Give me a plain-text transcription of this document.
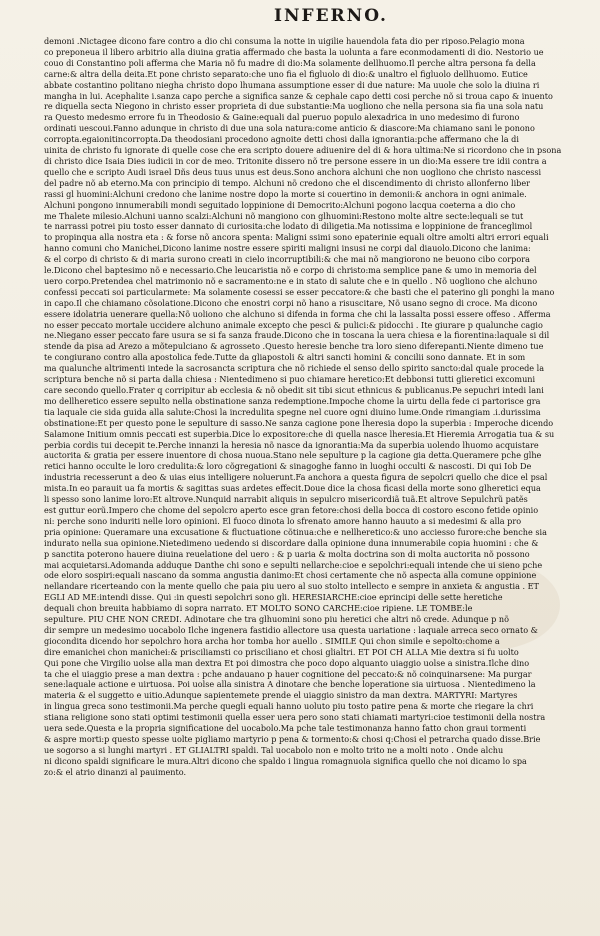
INFERNO.
demoni .Nictagee dicono fare contro a dio chi consuma la notte in uigilie hauendola fata dio per riposo.Pelagio mona
co preponeua il libero arbitrio alla diuina gratia affermado che basta la uolunta a fare econmodamenti di dio. Nestorio ue
couo di Constantino poli afferma che Maria nõ fu madre di dio:Ma solamente dellhuomo.Il perche altra persona fa della
carne:& altra della deita.Et pone christo separato:che uno fia el figluolo di dio:& unaltro el figluolo dellhuomo. Eutice
abbate costantino politano niegha christo dopo lhumana assumptione esser di due nature: Ma uuole che solo la diuina ri
mangha in lui. Acephalite i.sanza capo perche a significa sanze & cephale capo detti cosi perche nõ si troua capo & inuento
re diquella secta Niegono in christo esser proprieta di due substantie:Ma uogliono che nella persona sia fia una sola natu
ra Questo medesmo errore fu in Theodosio & Gaine:equali dal pueruo populo alexadrica in uno medesimo di furono
ordinati uescoui.Fanno adunque in christo di due una sola natura:come anticio & diascore:Ma chiamano sani le ponono
corropta.egaionitincorropta.Da theodosiani procedono agnoite detti chosi dalla ignorantia:pche affermano che la di
uinita de christo fu ignorate di quelle cose che era scripto douere adiuenire del di & hora ultima:Ne si ricordono che in psona
di christo dice Isaia Dies iudicii in cor de meo. Tritonite dissero nõ tre persone essere in un dio:Ma essere tre idii contra a
quello che e scripto Audi israel Dñs deus tuus unus est deus.Sono anchora alchuni che non uogliono che christo nascessi
del padre nõ ab eterno.Ma con principio di tempo. Alchuni nõ credono che el discendimento di christo allonferno liber
rassi gl huomini:Alchuni credono che lanime nostre dopo la morte si couertino in demonii:& anchora in ogni animale.
Alchuni pongono innumerabili mondi seguitado loppinione di Democrito:Alchuni pogono lacqua coeterna a dio cho
me Thalete milesio.Alchuni uanno scalzi:Alchuni nõ mangiono con glhuomini:Restono molte altre secte:lequali se tut
te narrassi potrei piu tosto esser dannato di curiosita:che lodato di diligetia.Ma notissima e loppinione de franceglimol
to propinqua alla nostra eta : & forse nõ ancora spenta: Maligni ssimi sono epaterinie equali oltre amolti altri errori equali
hanno comuni cho Manichei,Dicono lanime nostre essere spiriti maligni insusi ne corpi dal diauolo.Dicono che lanima:
& el corpo di christo & di maria surono creati in cielo incorruptibili:& che mai nõ mangiorono ne beuono cibo corpora
le.Dicono chel baptesimo nõ e necessario.Che leucaristia nõ e corpo di christo:ma semplice pane & umo in memoria del
uero corpo.Pretendea chel matrimonio nõ e sacramento:ne e in stato di salute che e in quello . Nõ uogliono che alchuno
confessi peccati soi particularmete: Ma solamente cosessi se esser peccatore:& che basti che el paterino gli ponghi la mano
in capo.Il che chiamano cõsolatione.Dicono che enostri corpi nõ hano a risuscitare, Nõ usano segno di croce. Ma dicono
essere idolatria uenerare quella:Nõ uoliono che alchuno si difenda in forma che chi la lassalta possi essere offeso . Afferma
no esser peccato mortale uccidere alchuno animale excepto che pesci & pulici:& pidocchi . Ite giurare p qualunche cagio
ne.Niegano esser peccato fare usura se si fa sanza fraude.Dicono che in toscana la uera chiesa e la fiorentina:laquale si dil
stende da pisa ad Arezo a mõtepulciano & agrosseto .Questo heresie benche tra loro sieno diferepanti.Niente dimeno tue
te congiurano contro alla apostolica fede.Tutte da gliapostoli & altri sancti homini & concilii sono dannate. Et in som
ma qualunche altrimenti intede la sacrosancta scriptura che nõ richiede el senso dello spirito sancto:dal quale procede la
scriptura benche nõ si parta dalla chiesa : Nientedimeno si puo chiamare heretico:Et debbonsi tutti glieretici excomuni
care secondo quello.Frater q corripitur ab ecclesia & nõ obedit sit tibi sicut ethnicus & publicanus.Pe sepuchri intedi lani
mo dellheretico essere sepulto nella obstinatione sanza redemptione.Impoche chome la uirtu della fede ci partorisce gra
tia laquale cie sida guida alla salute:Chosi la incredulita spegne nel cuore ogni diuino lume.Onde rimangiam .i.durissima
obstinatione:Et per questo pone le sepulture di sasso.Ne sanza cagione pone lheresia dopo la superbia : Imperoche dicendo
Salamone Initium omnis peccati est superbia.Dice lo expositore:che di quella nasce lheresia.Et Hieremia Arrogatia tua & su
perbia cordis tui decepit te.Perche innanzi la heresia nõ nasce da ignorantia:Ma da superbia uolendo lhuomo acquistare
auctorita & gratia per essere inuentore di chosa nuoua.Stano nele sepulture p la cagione gia detta.Queramere pche glhe
retici hanno occulte le loro credulita:& loro cõgregationi & sinagoghe fanno in luoghi occulti & nascosti. Di qui Iob De
industria recesserunt a deo & uias eius intelligere noluerunt.Fa anchora a questa figura de sepolcri quello che dice el psal
mista.In eo parauit ua fa mortis & sagittas suas ardetes effecit.Doue dice la chosa ficasi della morte sono glheretici equa
li spesso sono lanime loro:Et altrove.Nunquid narrabit aliquis in sepulcro misericordiã tuã.Et altrove Sepulchrũ patẽs
est guttur eorũ.Impero che chome del sepolcro aperto esce gran fetore:chosi della bocca di costoro escono fetide opinio
ni: perche sono induriti nelle loro opinioni. El fuoco dinota lo sfrenato amore hanno hauuto a si medesimi & alla pro
pria opinione: Queramare una excusatione & fluctuatione cõtinua:che e nellheretico:& uno acciesso furore:che benche sia
indurato nella sua opinione.Nietedimeno uedendo si discordare dalla opinione duna innumerabile copia huomini : che &
p sanctita poterono hauere diuina reuelatione del uero : & p uaria & molta doctrina son di molta auctorita nõ possono
mai acquietarsi.Adomanda adduque Danthe chi sono e sepulti nellarche:cioe e sepolchri:equali intende che ui sieno pche
ode eloro sospiri:equali nascano da somma angustia danimo:Et chosi certamente che nõ aspecta alla comune oppinione
nellandare ricerteando con la mente quello che paia piu uero al suo stolto intellecto e sempre in anxieta & angustia . ET
EGLI AD ME:intendi disse. Qui :in questi sepolchri sono gli. HERESIARCHE:cioe eprincipi delle sette heretiche
dequali chon breuita habbiamo di sopra narrato. ET MOLTO SONO CARCHE:cioe ripiene. LE TOMBE:le
sepulture. PIU CHE NON CREDI. Adinotare che tra glhuomini sono piu heretici che altri nõ crede. Adunque p nõ
dir sempre un medesimo uocabolo Ilche ingenera fastidio allectore usa questa uariatione : laquale arreca seco ornato &
giocondita dicendo hor sepolchro hora archa hor tomba hor auello . SIMILE Qui chon simile e sepolto:chome a
dire emanichei chon manichei:& prisciliamsti co prisciliano et chosi glialtri. ET POI CH ALLA Mie dextra si fu uolto
Qui pone che Virgilio uolse alla man dextra Et poi dimostra che poco dopo alquanto uiaggio uolse a sinistra.Ilche dino
ta che el uiaggio prese a man dextra : pche andauano p hauer cognitione del peccato:& nõ coinquinarsene: Ma purgar
sene:laquale actione e uirtuosa. Poi uolse alla sinistra A dinotare che benche loperatione sia uirtuosa . Nientedimeno la
materia & el suggetto e uitio.Adunque sapientemete prende el uiaggio sinistro da man dextra. MARTYRI: Martyres
in lingua greca sono testimonii.Ma perche quegli equali hanno uoluto piu tosto patire pena & morte che riegare la chri
stiana religione sono stati optimi testimonii quella esser uera pero sono stati chiamati martyri:cioe testimonii della nostra
uera sede.Questa e la propria significatione del uocabolo.Ma pche tale testimonanza hanno fatto chon graui tormenti
& aspre morti:p questo spesse uolte pigliamo martyrio p pena & tormento:& chosi q:Chosi el petrarcha quado disse.Brie
ue sogorso a si lunghi martyri . ET GLIALTRI spaldi. Tal uocabolo non e molto trito ne a molti noto . Onde alchu
ni dicono spaldi significare le mura.Altri dicono che spaldo i lingua romagnuola significa quello che noi dicamo lo spa
zo:& el atrio dinanzi al pauimento.
